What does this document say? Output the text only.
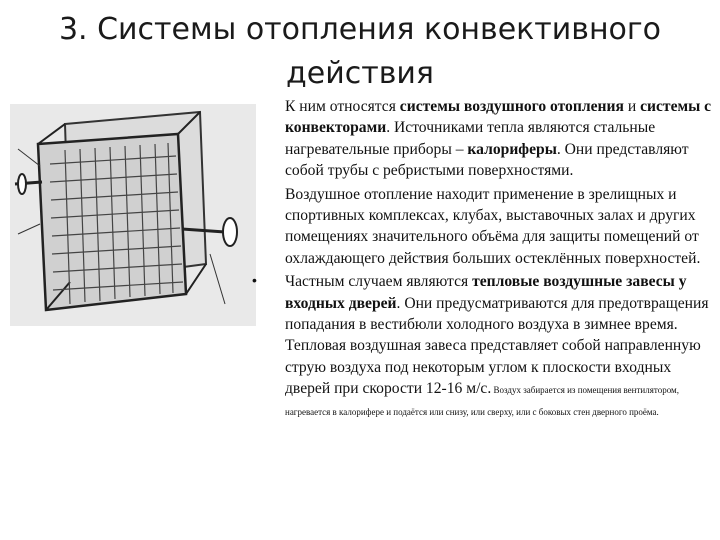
3. Системы отопления конвективного
действия

К ним относятся системы воздушного отопления и системы с конвекторами. Источниками тепла являются стальные нагревательные приборы – калориферы. Они представляют собой трубы с ребристыми поверхностями.

Воздушное отопление находит применение в зрелищных и спортивных комплексах, клубах, выставочных залах и других помещениях значительного объёма для защиты помещений от охлаждающего действия больших остеклённых поверхностей.

• Частным случаем являются тепловые воздушные завесы у входных дверей. Они предусматриваются для предотвращения попадания в вестибюли холодного воздуха в зимнее время. Тепловая воздушная завеса представляет собой направленную струю воздуха под некоторым углом к плоскости входных дверей при скорости 12-16 м/с. Воздух забирается из помещения вентилятором, нагревается в калорифере и подаётся или снизу, или сверху, или с боковых стен дверного проёма.
